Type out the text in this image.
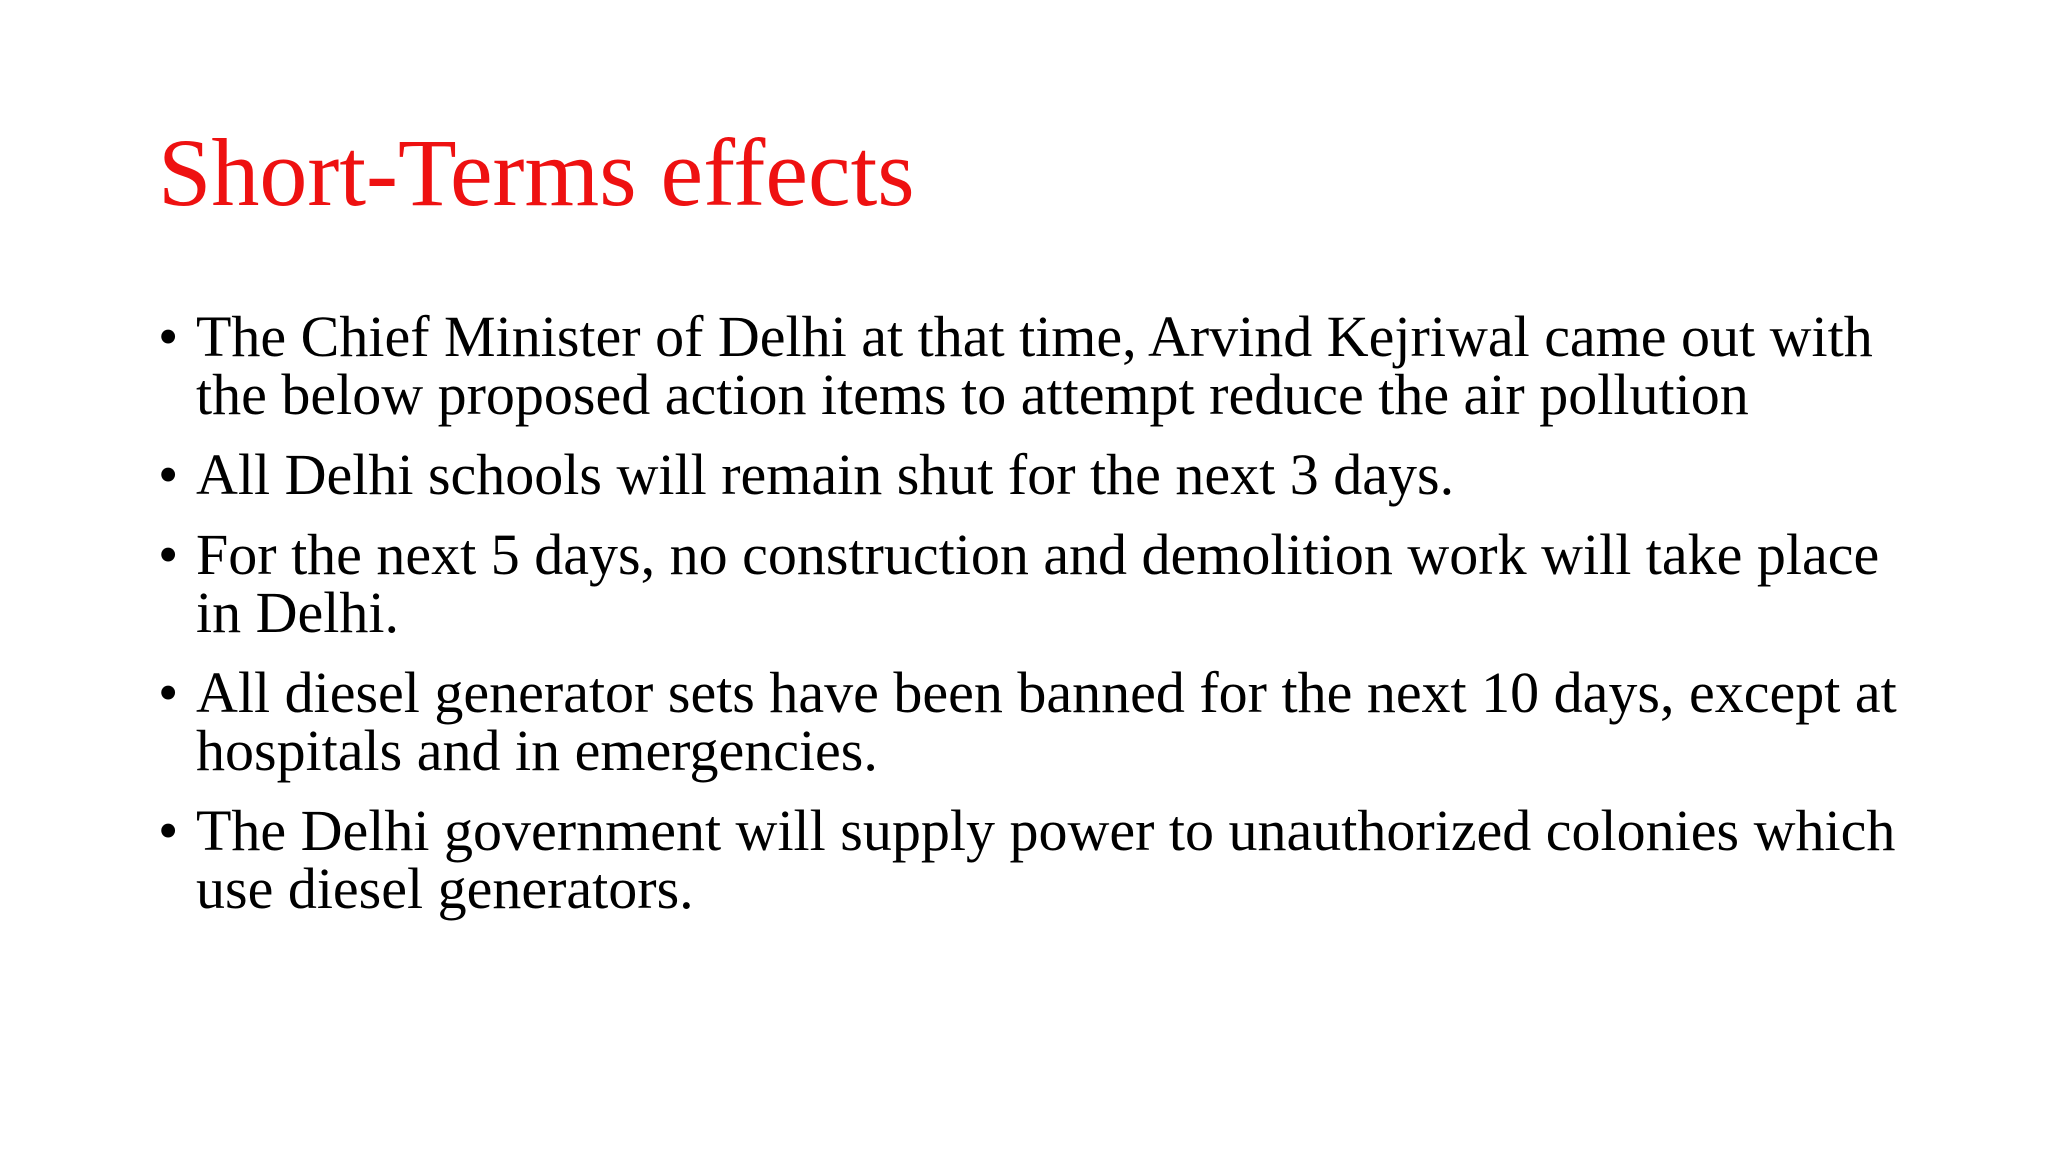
Short-Terms effects
• The Chief Minister of Delhi at that time, Arvind Kejriwal came out with the below proposed action items to attempt reduce the air pollution
• All Delhi schools will remain shut for the next 3 days.
• For the next 5 days, no construction and demolition work will take place in Delhi.
• All diesel generator sets have been banned for the next 10 days, except at hospitals and in emergencies.
• The Delhi government will supply power to unauthorized colonies which use diesel generators.
